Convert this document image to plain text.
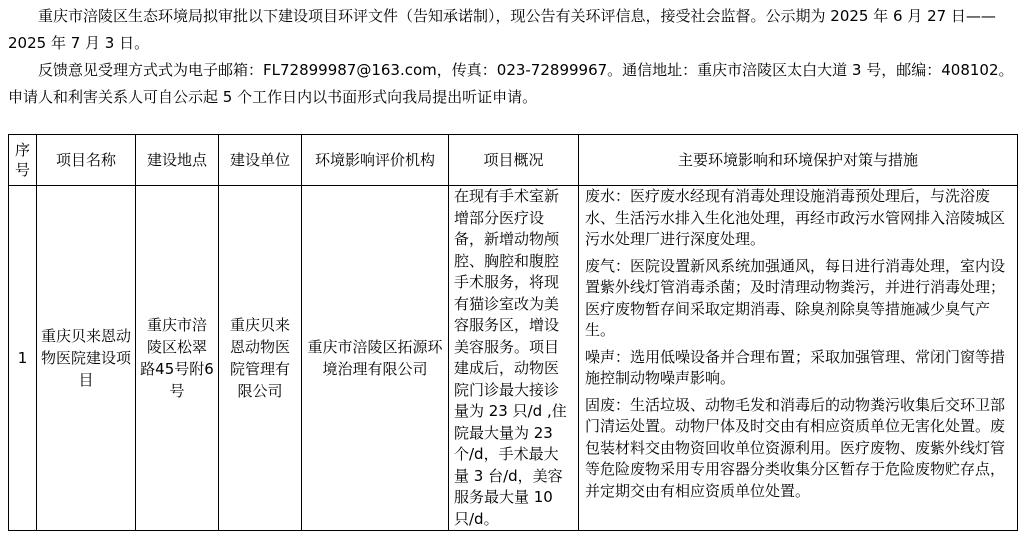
重庆市涪陵区生态环境局拟审批以下建设项目环评文件（告知承诺制），现公告有关环评信息，接受社会监督。公示期为 2025 年 6 月 27 日——2025 年 7 月 3 日。

反馈意见受理方式式为电子邮箱：FL72899987@163.com，传真：023-72899967。通信地址：重庆市涪陵区太白大道 3 号，邮编：408102。申请人和利害关系人可自公示起 5 个工作日内以书面形式向我局提出听证申请。

序号	项目名称	建设地点	建设单位	环境影响评价机构	项目概况	主要环境影响和环境保护对策与措施
1	重庆贝来恩动物医院建设项目	重庆市涪陵区松翠路45号附6号	重庆贝来恩动物医院管理有限公司	重庆市涪陵区拓源环境治理有限公司	在现有手术室新增部分医疗设备，新增动物颅腔、胸腔和腹腔手术服务，将现有猫诊室改为美容服务区，增设美容服务。项目建成后，动物医院门诊最大接诊量为 23 只/d ,住院最大量为 23 个/d，手术最大量 3 台/d，美容服务最大量 10 只/d。	废水：医疗废水经现有消毒处理设施消毒预处理后，与洗浴废水、生活污水排入生化池处理，再经市政污水管网排入涪陵城区污水处理厂进行深度处理。

废气：医院设置新风系统加强通风，每日进行消毒处理，室内设置紫外线灯管消毒杀菌；及时清理动物粪污，并进行消毒处理；医疗废物暂存间采取定期消毒、除臭剂除臭等措施减少臭气产生。

噪声：选用低噪设备并合理布置；采取加强管理、常闭门窗等措施控制动物噪声影响。

固废：生活垃圾、动物毛发和消毒后的动物粪污收集后交环卫部门清运处置。动物尸体及时交由有相应资质单位无害化处置。废包装材料交由物资回收单位资源利用。医疗废物、废紫外线灯管等危险废物采用专用容器分类收集分区暂存于危险废物贮存点，并定期交由有相应资质单位处置。
